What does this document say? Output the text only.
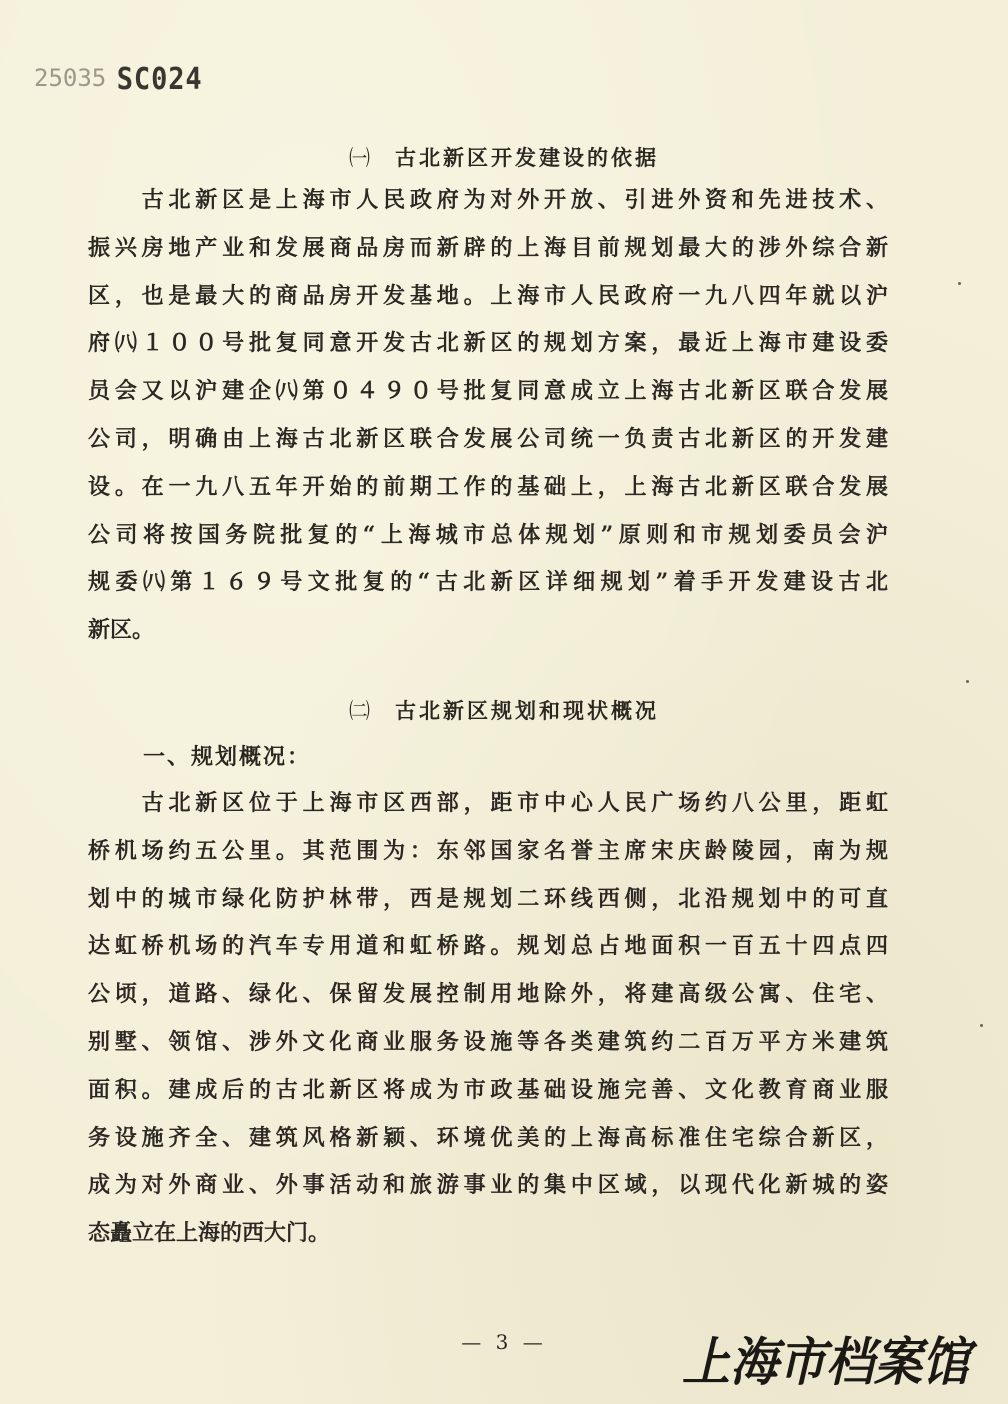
25035 SC024
㈠ 古北新区开发建设的依据
　　古北新区是上海市人民政府为对外开放、引进外资和先进技术、
振兴房地产业和发展商品房而新辟的上海目前规划最大的涉外综合新
区，也是最大的商品房开发基地。上海市人民政府一九八四年就以沪
府㈧１００号批复同意开发古北新区的规划方案，最近上海市建设委
员会又以沪建企㈧第０４９０号批复同意成立上海古北新区联合发展
公司，明确由上海古北新区联合发展公司统一负责古北新区的开发建
设。在一九八五年开始的前期工作的基础上，上海古北新区联合发展
公司将按国务院批复的“上海城市总体规划”原则和市规划委员会沪
规委㈧第１６９号文批复的“古北新区详细规划”着手开发建设古北
新区。
㈡ 古北新区规划和现状概况
一、规划概况：
　　古北新区位于上海市区西部，距市中心人民广场约八公里，距虹
桥机场约五公里。其范围为：东邻国家名誉主席宋庆龄陵园，南为规
划中的城市绿化防护林带，西是规划二环线西侧，北沿规划中的可直
达虹桥机场的汽车专用道和虹桥路。规划总占地面积一百五十四点四
公顷，道路、绿化、保留发展控制用地除外，将建高级公寓、住宅、
别墅、领馆、涉外文化商业服务设施等各类建筑约二百万平方米建筑
面积。建成后的古北新区将成为市政基础设施完善、文化教育商业服
务设施齐全、建筑风格新颖、环境优美的上海高标准住宅综合新区，
成为对外商业、外事活动和旅游事业的集中区域，以现代化新城的姿
态矗立在上海的西大门。
— 3 —	上海市档案馆
